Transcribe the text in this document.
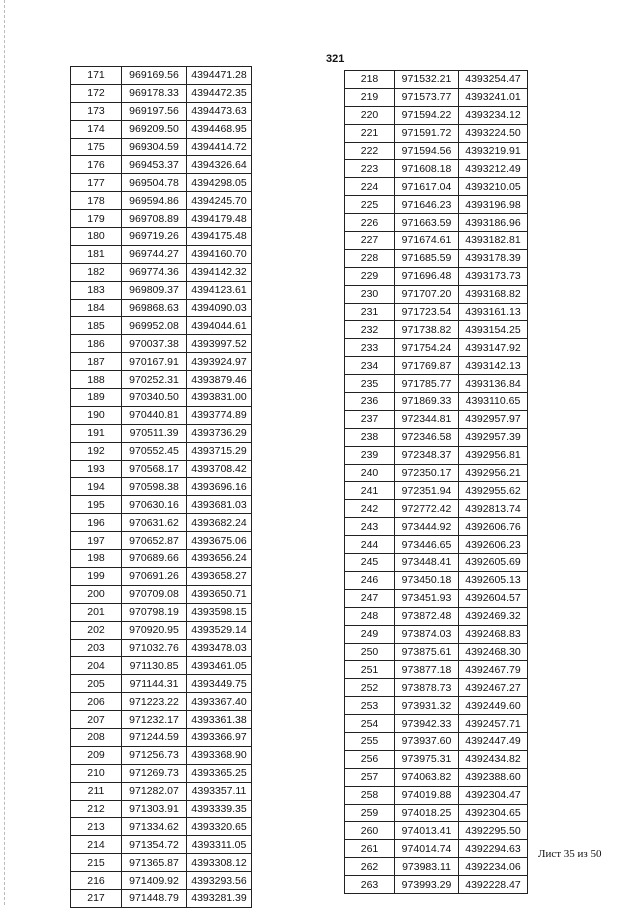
321
171	969169.56	4394471.28
172	969178.33	4394472.35
173	969197.56	4394473.63
174	969209.50	4394468.95
175	969304.59	4394414.72
176	969453.37	4394326.64
177	969504.78	4394298.05
178	969594.86	4394245.70
179	969708.89	4394179.48
180	969719.26	4394175.48
181	969744.27	4394160.70
182	969774.36	4394142.32
183	969809.37	4394123.61
184	969868.63	4394090.03
185	969952.08	4394044.61
186	970037.38	4393997.52
187	970167.91	4393924.97
188	970252.31	4393879.46
189	970340.50	4393831.00
190	970440.81	4393774.89
191	970511.39	4393736.29
192	970552.45	4393715.29
193	970568.17	4393708.42
194	970598.38	4393696.16
195	970630.16	4393681.03
196	970631.62	4393682.24
197	970652.87	4393675.06
198	970689.66	4393656.24
199	970691.26	4393658.27
200	970709.08	4393650.71
201	970798.19	4393598.15
202	970920.95	4393529.14
203	971032.76	4393478.03
204	971130.85	4393461.05
205	971144.31	4393449.75
206	971223.22	4393367.40
207	971232.17	4393361.38
208	971244.59	4393366.97
209	971256.73	4393368.90
210	971269.73	4393365.25
211	971282.07	4393357.11
212	971303.91	4393339.35
213	971334.62	4393320.65
214	971354.72	4393311.05
215	971365.87	4393308.12
216	971409.92	4393293.56
217	971448.79	4393281.39
218	971532.21	4393254.47
219	971573.77	4393241.01
220	971594.22	4393234.12
221	971591.72	4393224.50
222	971594.56	4393219.91
223	971608.18	4393212.49
224	971617.04	4393210.05
225	971646.23	4393196.98
226	971663.59	4393186.96
227	971674.61	4393182.81
228	971685.59	4393178.39
229	971696.48	4393173.73
230	971707.20	4393168.82
231	971723.54	4393161.13
232	971738.82	4393154.25
233	971754.24	4393147.92
234	971769.87	4393142.13
235	971785.77	4393136.84
236	971869.33	4393110.65
237	972344.81	4392957.97
238	972346.58	4392957.39
239	972348.37	4392956.81
240	972350.17	4392956.21
241	972351.94	4392955.62
242	972772.42	4392813.74
243	973444.92	4392606.76
244	973446.65	4392606.23
245	973448.41	4392605.69
246	973450.18	4392605.13
247	973451.93	4392604.57
248	973872.48	4392469.32
249	973874.03	4392468.83
250	973875.61	4392468.30
251	973877.18	4392467.79
252	973878.73	4392467.27
253	973931.32	4392449.60
254	973942.33	4392457.71
255	973937.60	4392447.49
256	973975.31	4392434.82
257	974063.82	4392388.60
258	974019.88	4392304.47
259	974018.25	4392304.65
260	974013.41	4392295.50
261	974014.74	4392294.63
262	973983.11	4392234.06
263	973993.29	4392228.47
Лист 35 из 50
